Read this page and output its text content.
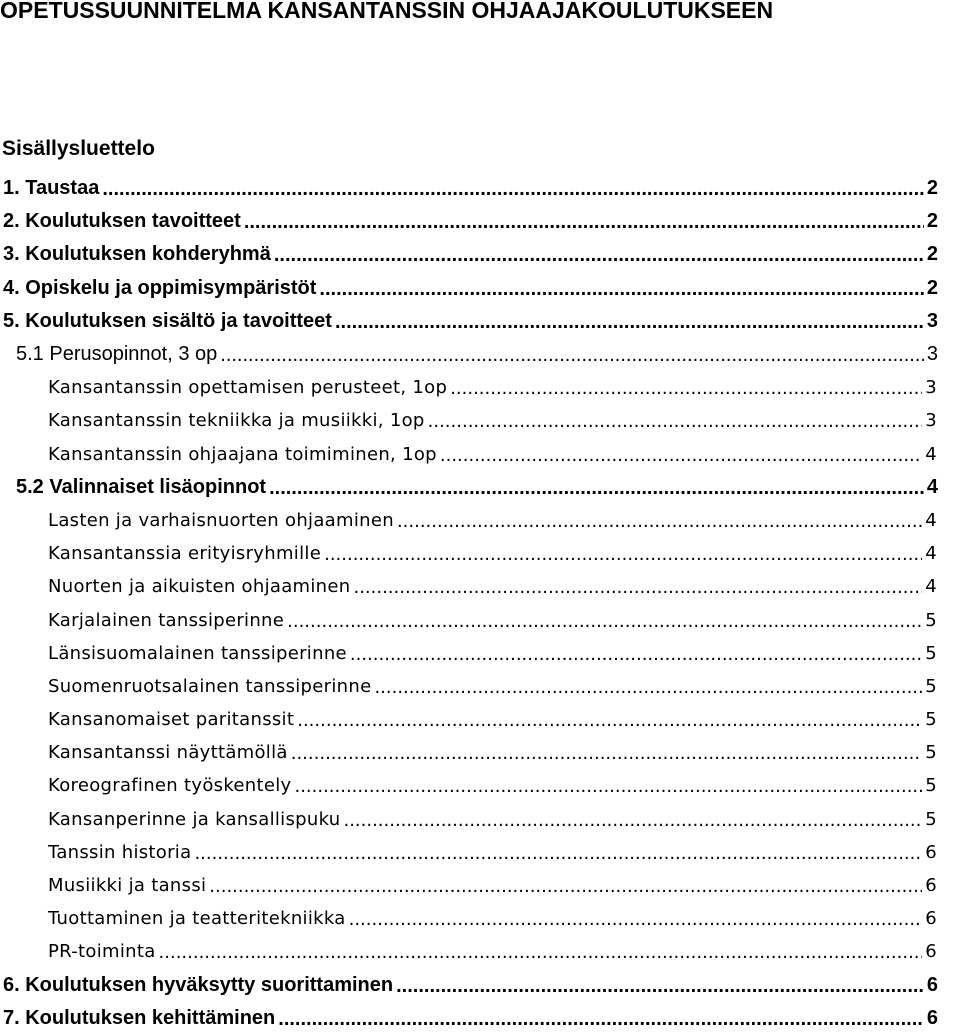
OPETUSSUUNNITELMA KANSANTANSSIN OHJAAJAKOULUTUKSEEN
Sisällysluettelo
1. Taustaa .....	2
2. Koulutuksen tavoitteet .....	2
3. Koulutuksen kohderyhmä .....	2
4. Opiskelu ja oppimisympäristöt .....	2
5. Koulutuksen sisältö ja tavoitteet .....	3
5.1 Perusopinnot, 3 op .....	3
Kansantanssin opettamisen perusteet, 1op .....	3
Kansantanssin tekniikka ja musiikki, 1op .....	3
Kansantanssin ohjaajana toimiminen, 1op .....	4
5.2 Valinnaiset lisäopinnot .....	4
Lasten ja varhaisnuorten ohjaaminen .....	4
Kansantanssia erityisryhmille .....	4
Nuorten ja aikuisten ohjaaminen .....	4
Karjalainen tanssiperinne .....	5
Länsisuomalainen tanssiperinne .....	5
Suomenruotsalainen tanssiperinne .....	5
Kansanomaiset paritanssit .....	5
Kansantanssi näyttämöllä .....	5
Koreografinen työskentely .....	5
Kansanperinne ja kansallispuku .....	5
Tanssin historia .....	6
Musiikki ja tanssi .....	6
Tuottaminen ja teatteritekniikka .....	6
PR-toiminta .....	6
6. Koulutuksen hyväksytty suorittaminen .....	6
7. Koulutuksen kehittäminen .....	6
